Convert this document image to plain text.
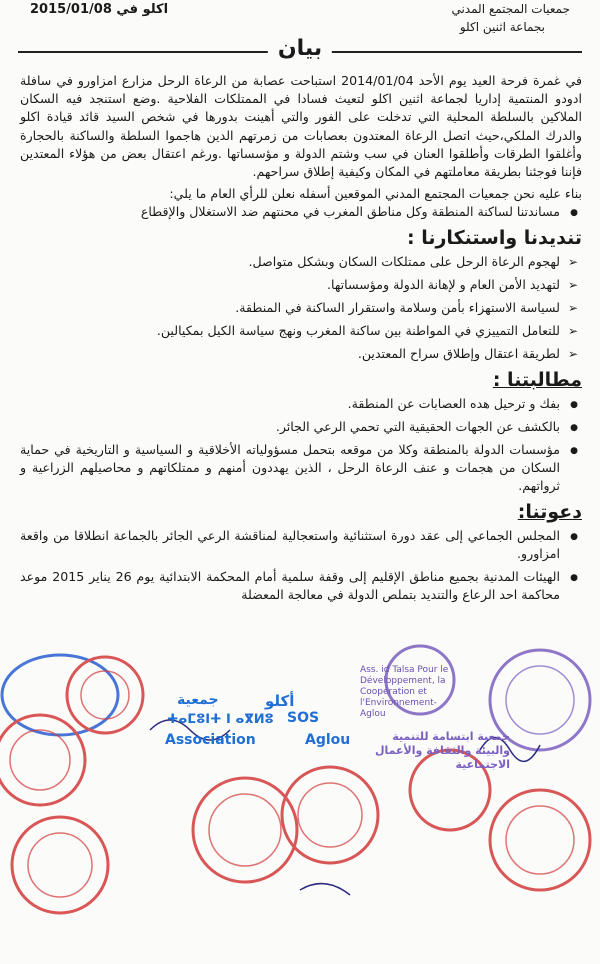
اكلو في 2015/01/08	جمعيات المجتمع المدني
بجماعة اثنين اكلو
بيان

في غمرة فرحة العيد يوم الأحد 2014/01/04 استباحت عصابة من الرعاة الرحل مزارع امزاورو في سافلة ادودو المنتمية إداريا لجماعة اثنين اكلو لتعيث فسادا في الممتلكات الفلاحية .وضع استنجد فيه السكان الملاكين بالسلطة المحلية التي تدخلت على الفور والتي أهينت بدورها في شخص السيد قائد قيادة اكلو والدرك الملكي،حيث اتصل الرعاة المعتدون بعصابات من زمرتهم الدين هاجموا السلطة والساكنة بالحجارة وأغلقوا الطرقات وأطلقوا العنان في سب وشتم الدولة و مؤسساتها .ورغم اعتقال بعض من هؤلاء المعتدين فإننا فوجئنا بطريقة معاملتهم في المكان وكيفية إطلاق سراحهم.

بناء عليه نحن جمعيات المجتمع المدني الموقعين أسفله نعلن للرأي العام ما يلي:

● مساندتنا لساكنة المنطقة وكل مناطق المغرب في محنتهم ضد الاستغلال والإقطاع
تنديدنا واستنكارنا :
➢ لهجوم الرعاة الرحل على ممتلكات السكان وبشكل متواصل.
➢ لتهديد الأمن العام و لإهانة الدولة ومؤسساتها.
➢ لسياسة الاستهزاء بأمن وسلامة واستقرار الساكنة في المنطقة.
➢ للتعامل التمييزي في المواطنة بين ساكنة المغرب ونهج سياسة الكيل بمكيالين.
➢ لطريقة اعتقال وإطلاق سراح المعتدين.
مطالبتنا :
● بفك و ترحيل هده العصابات عن المنطقة.
● بالكشف عن الجهات الحقيقية التي تحمي الرعي الجائر.
● مؤسسات الدولة بالمنطقة وكلا من موقعه بتحمل مسؤولياته الأخلاقية و السياسية و التاريخية في حماية السكان من هجمات و عنف الرعاة الرحل ، الذين يهددون أمنهم و ممتلكاتهم و محاصيلهم الزراعية و ثرواتهم.
دعوتنا:
● المجلس الجماعي إلى عقد دورة استثنائية واستعجالية لمناقشة الرعي الجائر بالجماعة انطلاقا من واقعة امزاورو.
● الهيئات المدنية بجميع مناطق الإقليم إلى وقفة سلمية أمام المحكمة الابتدائية يوم 26 يناير 2015 موعد محاكمة احد الرعاع والتنديد بتملص الدولة في معالجة المعضلة
أكلو
جمعية
ⵜⴰⵎⵓⵏⵜ ⵏ ⴰⴳⵍⵓ
Association
SOS
Aglou
Ass. id Talsa Pour le Développement, la Coopération et l'Environnement-Aglou
جمعية ابتسامة للتنمية والبيئة والثقافة والأعمال الاجتماعية
